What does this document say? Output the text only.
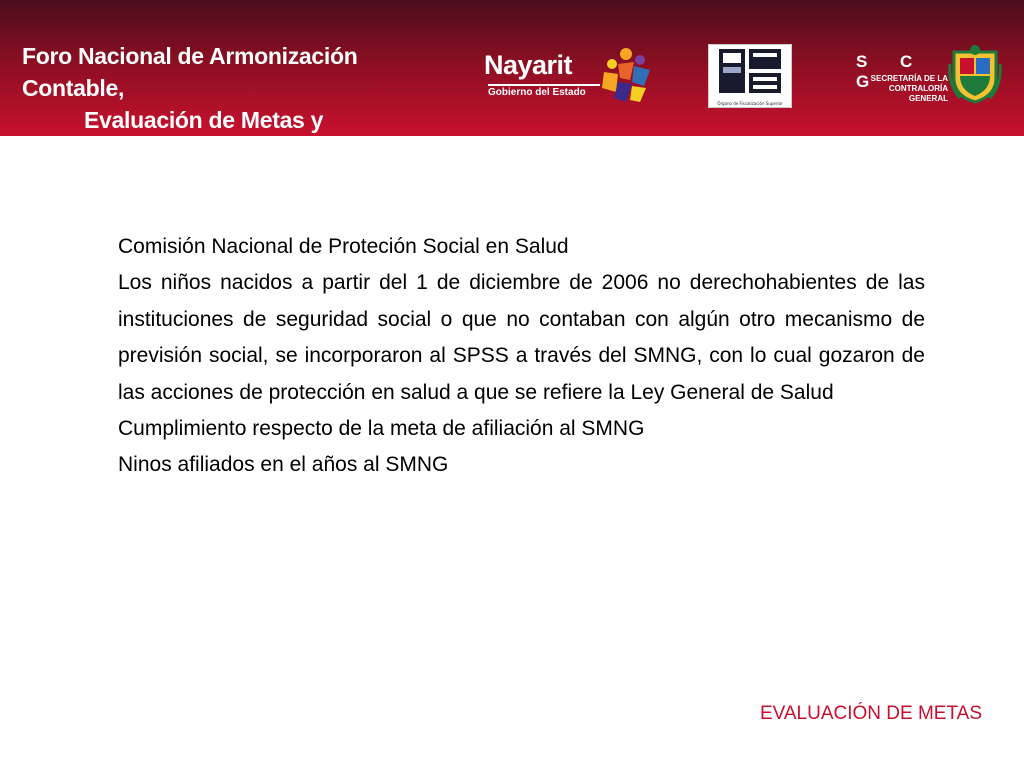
Foro Nacional de Armonización Contable,
Evaluación de Metas y Fiscalización
Nayarit
Gobierno del Estado
Órgano de Fiscalización Superior
S C G
SECRETARÍA DE LA
CONTRALORÍA GENERAL

Comisión Nacional de Proteción Social en Salud

Los niños nacidos a partir del 1 de diciembre de 2006 no derechohabientes de las instituciones de seguridad social o que no contaban con algún otro mecanismo de previsión social, se incorporaron al SPSS a través del SMNG, con lo cual gozaron de las acciones de protección en salud a que se refiere la Ley General de Salud

Cumplimiento respecto de la meta de afiliación al SMNG

Ninos afiliados en el años al SMNG

EVALUACIÓN DE METAS
